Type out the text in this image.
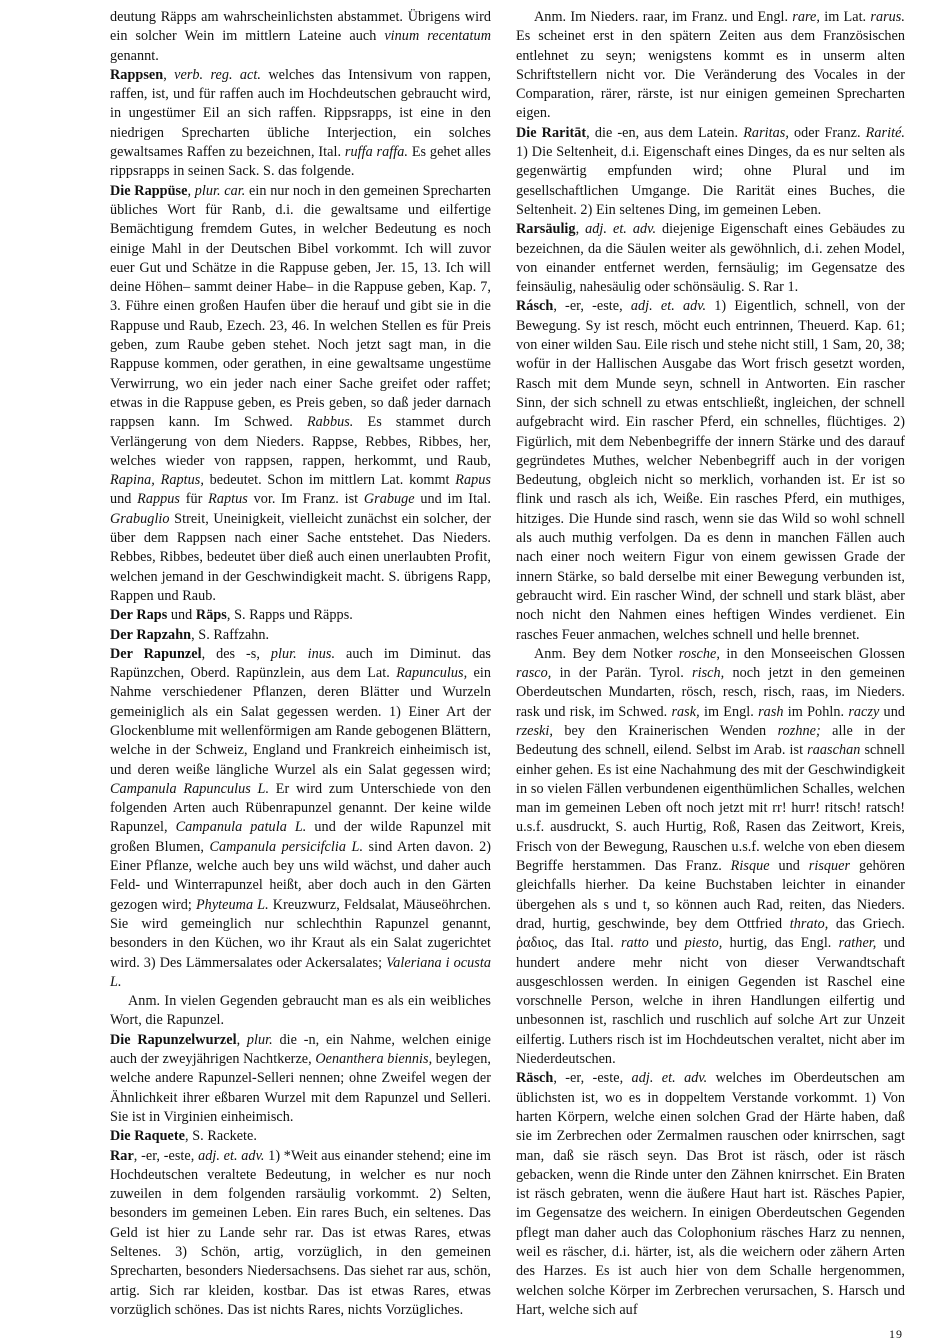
deutung Räpps am wahrscheinlichsten abstammet. Übrigens wird ein solcher Wein im mittlern Lateine auch vinum recentatum genannt.

Rappsen, verb. reg. act. welches das Intensivum von rappen, raffen, ist, und für raffen auch im Hochdeutschen gebraucht wird, in ungestümer Eil an sich raffen. Rippsrapps, ist eine in den niedrigen Sprecharten übliche Interjection, ein solches gewaltsames Raffen zu bezeichnen, Ital. ruffa raffa. Es gehet alles rippsrapps in seinen Sack. S. das folgende.

Die Rappüse, plur. car. ein nur noch in den gemeinen Sprecharten übliches Wort für Ranb, d.i. die gewaltsame und eilfertige Bemächtigung fremdem Gutes, in welcher Bedeutung es noch einige Mahl in der Deutschen Bibel vorkommt. Ich will zuvor euer Gut und Schätze in die Rappuse geben, Jer. 15, 13. Ich will deine Höhen– sammt deiner Habe– in die Rappuse geben, Kap. 7, 3. Führe einen großen Haufen über die herauf und gibt sie in die Rappuse und Raub, Ezech. 23, 46. In welchen Stellen es für Preis geben, zum Raube geben stehet. Noch jetzt sagt man, in die Rappuse kommen, oder gerathen, in eine gewaltsame ungestüme Verwirrung, wo ein jeder nach einer Sache greifet oder raffet; etwas in die Rappuse geben, es Preis geben, so daß jeder darnach rappsen kann. Im Schwed. Rabbus. Es stammet durch Verlängerung von dem Nieders. Rappse, Rebbes, Ribbes, her, welches wieder von rappsen, rappen, herkommt, und Raub, Rapina, Raptus, bedeutet. Schon im mittlern Lat. kommt Rapus und Rappus für Raptus vor. Im Franz. ist Grabuge und im Ital. Grabuglio Streit, Uneinigkeit, vielleicht zunächst ein solcher, der über dem Rappsen nach einer Sache entstehet. Das Nieders. Rebbes, Ribbes, bedeutet über dieß auch einen unerlaubten Profit, welchen jemand in der Geschwindigkeit macht. S. übrigens Rapp, Rappen und Raub.

Der Raps und Räps, S. Rapps und Räpps.

Der Rapzahn, S. Raffzahn.

Der Rapunzel, des -s, plur. inus. auch im Diminut. das Rapünzchen, Oberd. Rapünzlein, aus dem Lat. Rapunculus, ein Nahme verschiedener Pflanzen, deren Blätter und Wurzeln gemeiniglich als ein Salat gegessen werden. 1) Einer Art der Glockenblume mit wellenförmigen am Rande gebogenen Blättern, welche in der Schweiz, England und Frankreich einheimisch ist, und deren weiße längliche Wurzel als ein Salat gegessen wird; Campanula Rapunculus L. Er wird zum Unterschiede von den folgenden Arten auch Rübenrapunzel genannt. Der keine wilde Rapunzel, Campanula patula L. und der wilde Rapunzel mit großen Blumen, Campanula persicifclia L. sind Arten davon. 2) Einer Pflanze, welche auch bey uns wild wächst, und daher auch Feld- und Winterrapunzel heißt, aber doch auch in den Gärten gezogen wird; Phyteuma L. Kreuzwurz, Feldsalat, Mäuseöhrchen. Sie wird gemeinglich nur schlechthin Rapunzel genannt, besonders in den Küchen, wo ihr Kraut als ein Salat zugerichtet wird. 3) Des Lämmersalates oder Ackersalates; Valeriana i ocusta L.

Anm. In vielen Gegenden gebraucht man es als ein weibliches Wort, die Rapunzel.

Die Rapunzelwurzel, plur. die -n, ein Nahme, welchen einige auch der zweyjährigen Nachtkerze, Oenanthera biennis, beylegen, welche andere Rapunzel-Selleri nennen; ohne Zweifel wegen der Ähnlichkeit ihrer eßbaren Wurzel mit dem Rapunzel und Selleri. Sie ist in Virginien einheimisch.

Die Raquete, S. Rackete.

Rar, -er, -este, adj. et. adv. 1) *Weit aus einander stehend; eine im Hochdeutschen veraltete Bedeutung, in welcher es nur noch zuweilen in dem folgenden rarsäulig vorkommt. 2) Selten, besonders im gemeinen Leben. Ein rares Buch, ein seltenes. Das Geld ist hier zu Lande sehr rar. Das ist etwas Rares, etwas Seltenes. 3) Schön, artig, vorzüglich, in den gemeinen Sprecharten, besonders Niedersachsens. Das siehet rar aus, schön, artig. Sich rar kleiden, kostbar. Das ist etwas Rares, etwas vorzüglich schönes. Das ist nichts Rares, nichts Vorzügliches.

Anm. Im Nieders. raar, im Franz. und Engl. rare, im Lat. rarus. Es scheinet erst in den spätern Zeiten aus dem Französischen entlehnet zu seyn; wenigstens kommt es in unserm alten Schriftstellern nicht vor. Die Veränderung des Vocales in der Comparation, rärer, rärste, ist nur einigen gemeinen Sprecharten eigen.

Die Raritāt, die -en, aus dem Latein. Raritas, oder Franz. Rarité. 1) Die Seltenheit, d.i. Eigenschaft eines Dinges, da es nur selten als gegenwärtig empfunden wird; ohne Plural und im gesellschaftlichen Umgange. Die Rarität eines Buches, die Seltenheit. 2) Ein seltenes Ding, im gemeinen Leben.

Rarsäulig, adj. et. adv. diejenige Eigenschaft eines Gebäudes zu bezeichnen, da die Säulen weiter als gewöhnlich, d.i. zehen Model, von einander entfernet werden, fernsäulig; im Gegensatze des feinsäulig, nahesäulig oder schönsäulig. S. Rar 1.

Rásch, -er, -este, adj. et. adv. 1) Eigentlich, schnell, von der Bewegung. Sy ist resch, möcht euch entrinnen, Theuerd. Kap. 61; von einer wilden Sau. Eile risch und stehe nicht still, 1 Sam, 20, 38; wofür in der Hallischen Ausgabe das Wort frisch gesetzt worden, Rasch mit dem Munde seyn, schnell in Antworten. Ein rascher Sinn, der sich schnell zu etwas entschließt, ingleichen, der schnell aufgebracht wird. Ein rascher Pferd, ein schnelles, flüchtiges. 2) Figürlich, mit dem Nebenbegriffe der innern Stärke und des darauf gegründetes Muthes, welcher Nebenbegriff auch in der vorigen Bedeutung, obgleich nicht so merklich, vorhanden ist. Er ist so flink und rasch als ich, Weiße. Ein rasches Pferd, ein muthiges, hitziges. Die Hunde sind rasch, wenn sie das Wild so wohl schnell als auch muthig verfolgen. Da es denn in manchen Fällen auch nach einer noch weitern Figur von einem gewissen Grade der innern Stärke, so bald derselbe mit einer Bewegung verbunden ist, gebraucht wird. Ein rascher Wind, der schnell und stark bläst, aber noch nicht den Nahmen eines heftigen Windes verdienet. Ein rasches Feuer anmachen, welches schnell und helle brennet.

Anm. Bey dem Notker rosche, in den Monseeischen Glossen rasco, in der Parän. Tyrol. risch, noch jetzt in den gemeinen Oberdeutschen Mundarten, rösch, resch, risch, raas, im Nieders. rask und risk, im Schwed. rask, im Engl. rash im Pohln. raczy und rzeski, bey den Krainerischen Wenden rozhne; alle in der Bedeutung des schnell, eilend. Selbst im Arab. ist raaschan schnell einher gehen. Es ist eine Nachahmung des mit der Geschwindigkeit in so vielen Fällen verbundenen eigenthümlichen Schalles, welchen man im gemeinen Leben oft noch jetzt mit rr! hurr! ritsch! ratsch! u.s.f. ausdruckt, S. auch Hurtig, Roß, Rasen das Zeitwort, Kreis, Frisch von der Bewegung, Rauschen u.s.f. welche von eben diesem Begriffe herstammen. Das Franz. Risque und risquer gehören gleichfalls hierher. Da keine Buchstaben leichter in einander übergehen als s und t, so können auch Rad, reiten, das Nieders. drad, hurtig, geschwinde, bey dem Ottfried thrato, das Griech. ῥαδιος, das Ital. ratto und piesto, hurtig, das Engl. rather, und hundert andere mehr nicht von dieser Verwandtschaft ausgeschlossen werden. In einigen Gegenden ist Raschel eine vorschnelle Person, welche in ihren Handlungen eilfertig und unbesonnen ist, raschlich und ruschlich auf solche Art zur Unzeit eilfertig. Luthers risch ist im Hochdeutschen veraltet, nicht aber im Niederdeutschen.

Räsch, -er, -este, adj. et. adv. welches im Oberdeutschen am üblichsten ist, wo es in doppeltem Verstande vorkommt. 1) Von harten Körpern, welche einen solchen Grad der Härte haben, daß sie im Zerbrechen oder Zermalmen rauschen oder knirrschen, sagt man, daß sie räsch seyn. Das Brot ist räsch, oder ist räsch gebacken, wenn die Rinde unter den Zähnen knirrschet. Ein Braten ist räsch gebraten, wenn die äußere Haut hart ist. Räsches Papier, im Gegensatze des weichern. In einigen Oberdeutschen Gegenden pflegt man daher auch das Colophonium räsches Harz zu nennen, weil es räscher, d.i. härter, ist, als die weichern oder zähern Arten des Harzes. Es ist auch hier von dem Schalle hergenommen, welchen solche Körper im Zerbrechen verursachen, S. Harsch und Hart, welche sich auf

19
